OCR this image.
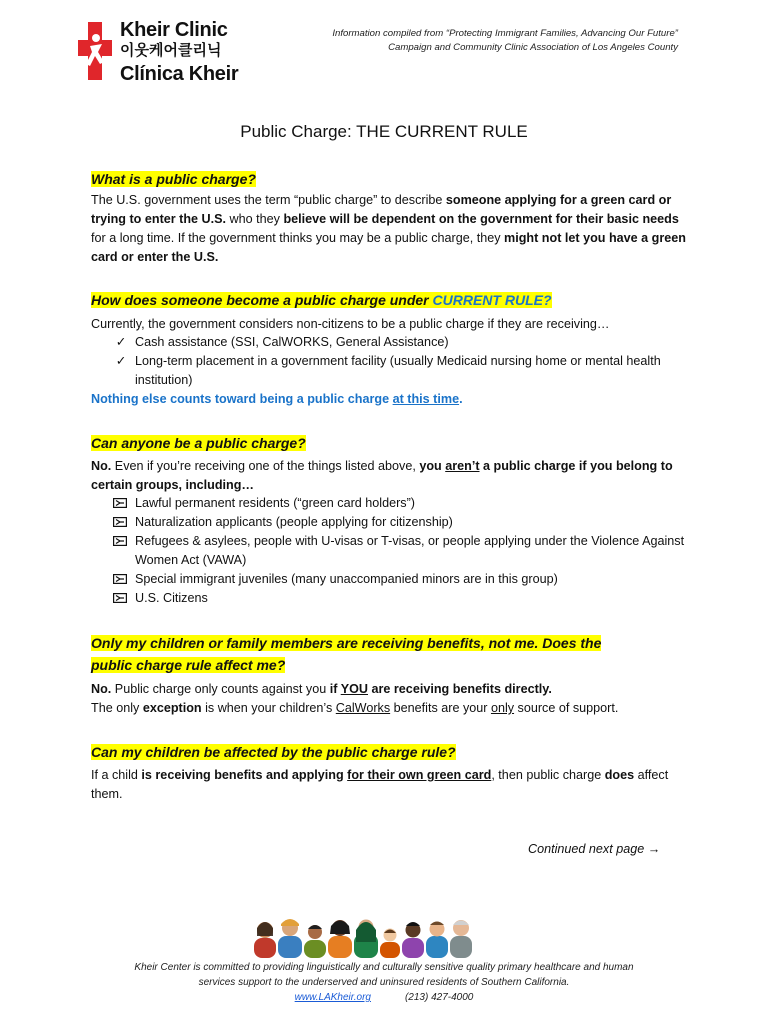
Kheir Clinic
이웃케어클리닉

Clínica Kheir
Information compiled from “Protecting Immigrant Families, Advancing Our Future”
Campaign and Community Clinic Association of Los Angeles County
Public Charge: THE CURRENT RULE

What is a public charge?

The U.S. government uses the term “public charge” to describe someone applying for a green card or trying to enter the U.S. who they believe will be dependent on the government for their basic needs for a long time. If the government thinks you may be a public charge, they might not let you have a green card or enter the U.S.

How does someone become a public charge under CURRENT RULE?

Currently, the government considers non-citizens to be a public charge if they are receiving…

✓ Cash assistance (SSI, CalWORKS, General Assistance)
✓ Long-term placement in a government facility (usually Medicaid nursing home or mental health institution)

Nothing else counts toward being a public charge at this time.

Can anyone be a public charge?

No. Even if you’re receiving one of the things listed above, you aren’t a public charge if you belong to certain groups, including…

Lawful permanent residents (“green card holders”)
Naturalization applicants (people applying for citizenship)
Refugees & asylees, people with U-visas or T-visas, or people applying under the Violence Against Women Act (VAWA)
Special immigrant juveniles (many unaccompanied minors are in this group)
U.S. Citizens

Only my children or family members are receiving benefits, not me. Does the
public charge rule affect me?

No. Public charge only counts against you if YOU are receiving benefits directly.
The only exception is when your children’s CalWorks benefits are your only source of support.

Can my children be affected by the public charge rule?

If a child is receiving benefits and applying for their own green card, then public charge does affect them.

Continued next page →
Kheir Center is committed to providing linguistically and culturally sensitive quality primary healthcare and human
services support to the underserved and uninsured residents of Southern California.
www.LAKheir.org	(213) 427-4000
